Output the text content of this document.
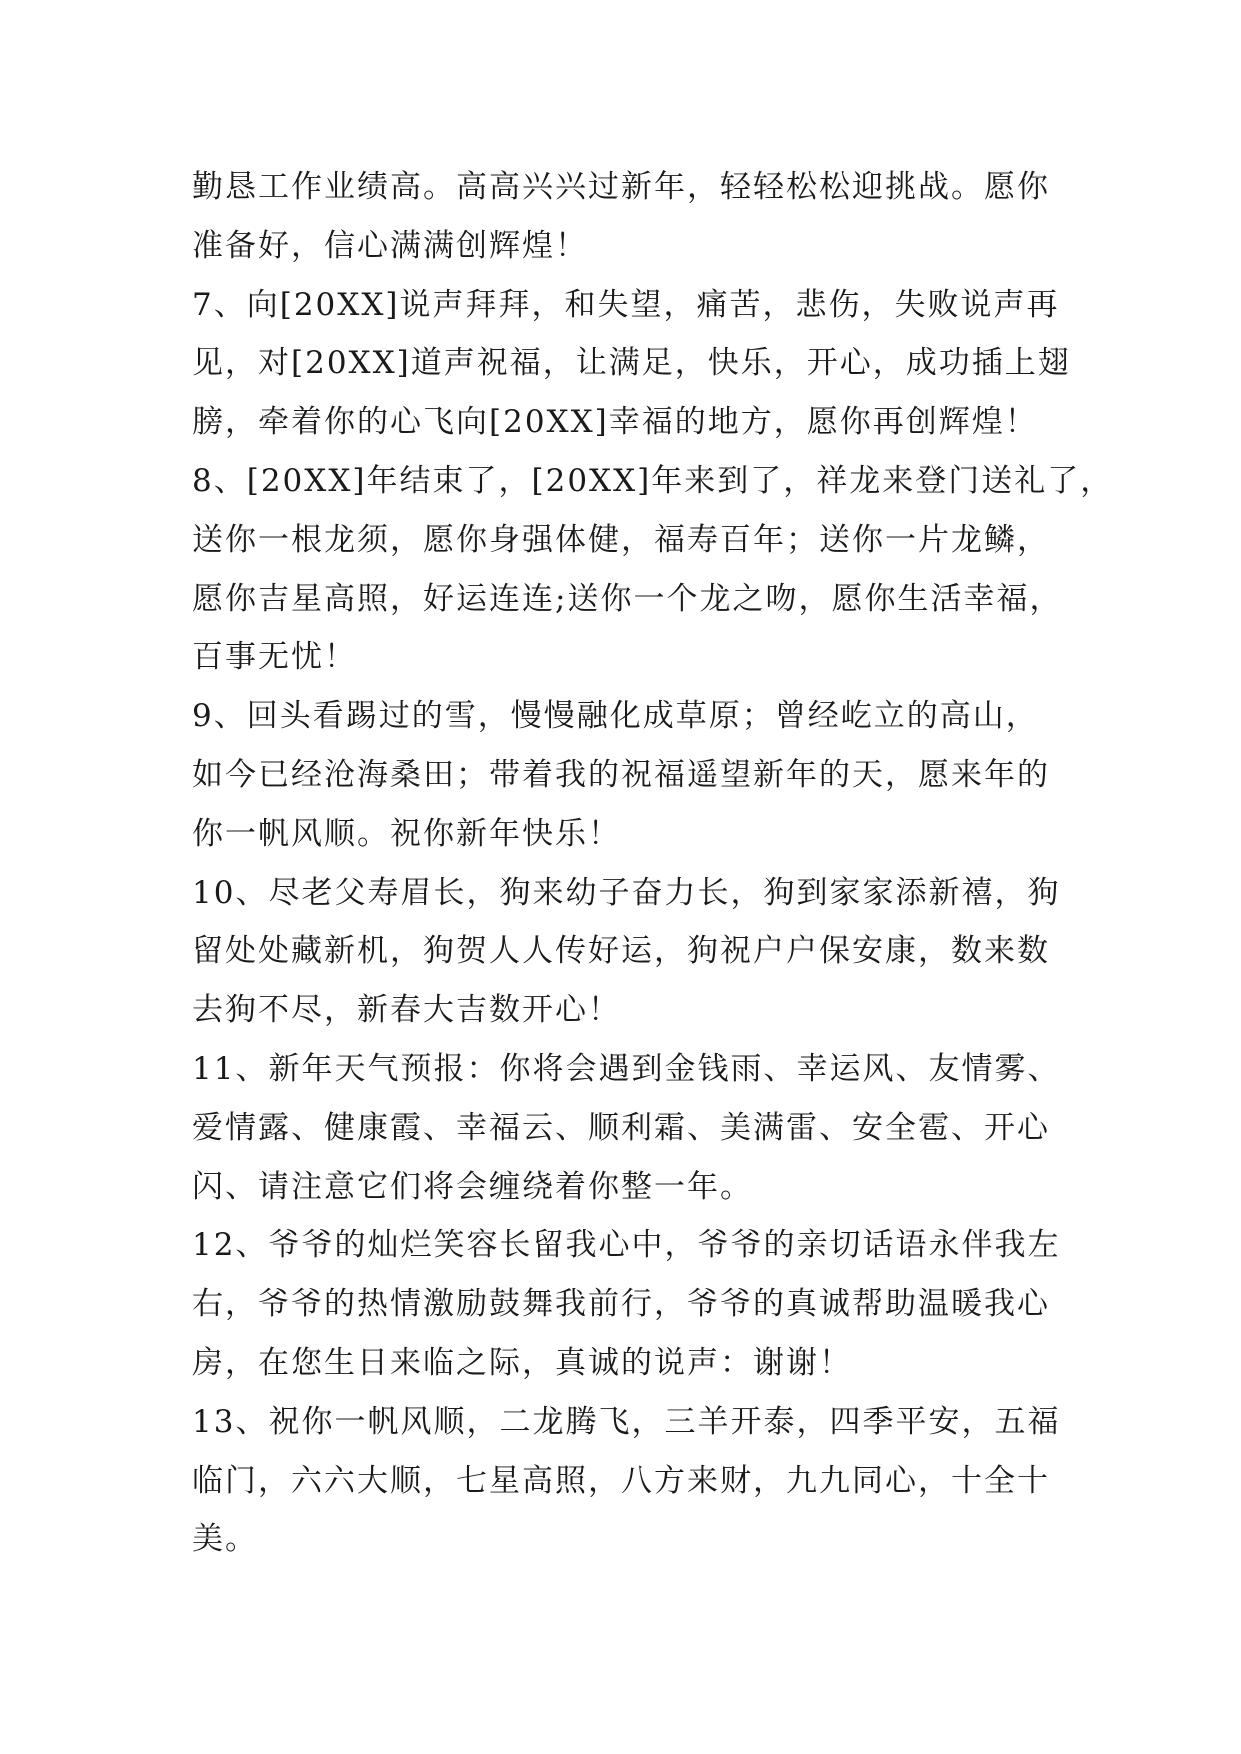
勤恳工作业绩高。高高兴兴过新年，轻轻松松迎挑战。愿你
准备好，信心满满创辉煌！
7、向[20XX]说声拜拜，和失望，痛苦，悲伤，失败说声再
见，对[20XX]道声祝福，让满足，快乐，开心，成功插上翅
膀，牵着你的心飞向[20XX]幸福的地方，愿你再创辉煌！
8、[20XX]年结束了，[20XX]年来到了，祥龙来登门送礼了，
送你一根龙须，愿你身强体健，福寿百年；送你一片龙鳞，
愿你吉星高照，好运连连;送你一个龙之吻，愿你生活幸福，
百事无忧！
9、回头看踢过的雪，慢慢融化成草原；曾经屹立的高山，
如今已经沧海桑田；带着我的祝福遥望新年的天，愿来年的
你一帆风顺。祝你新年快乐！
10、尽老父寿眉长，狗来幼子奋力长，狗到家家添新禧，狗
留处处藏新机，狗贺人人传好运，狗祝户户保安康，数来数
去狗不尽，新春大吉数开心！
11、新年天气预报：你将会遇到金钱雨、幸运风、友情雾、
爱情露、健康霞、幸福云、顺利霜、美满雷、安全雹、开心
闪、请注意它们将会缠绕着你整一年。
12、爷爷的灿烂笑容长留我心中，爷爷的亲切话语永伴我左
右，爷爷的热情激励鼓舞我前行，爷爷的真诚帮助温暖我心
房，在您生日来临之际，真诚的说声：谢谢！
13、祝你一帆风顺，二龙腾飞，三羊开泰，四季平安，五福
临门，六六大顺，七星高照，八方来财，九九同心，十全十
美。
